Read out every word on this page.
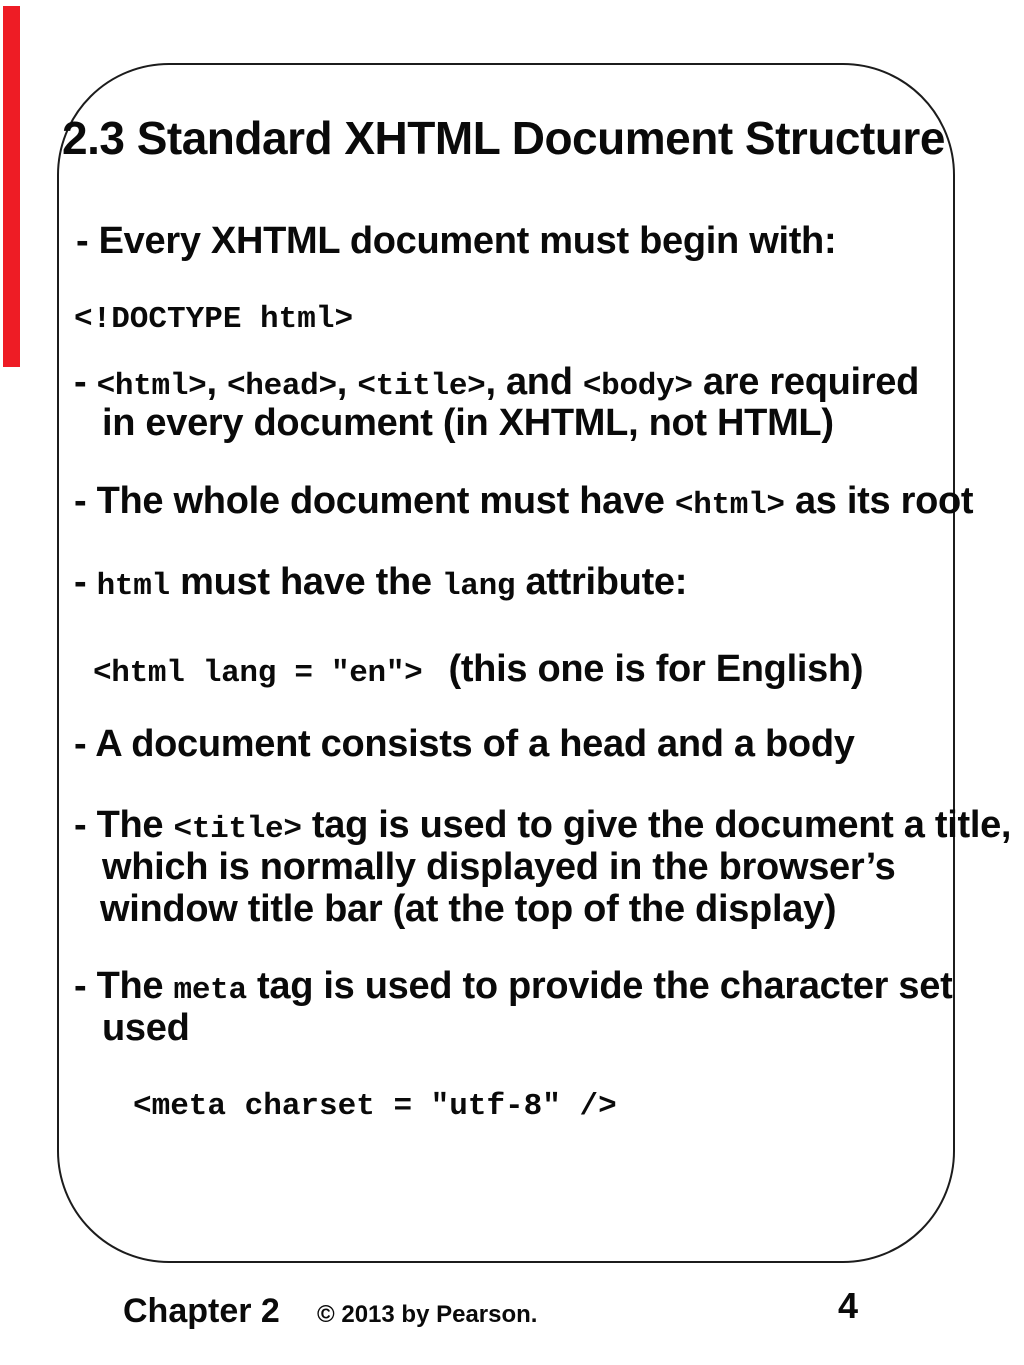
2.3 Standard XHTML Document Structure
- Every XHTML document must begin with:
<!DOCTYPE html>
- <html>, <head>, <title>, and <body> are required
in every document (in XHTML, not HTML)
- The whole document must have <html> as its root
- html must have the lang attribute:
<html lang = "en"> (this one is for English)
- A document consists of a head and a body
- The <title> tag is used to give the document a title,
which is normally displayed in the browser’s
window title bar (at the top of the display)
- The meta tag is used to provide the character set
used
<meta charset = "utf-8" />
Chapter 2 © 2013 by Pearson.	4
